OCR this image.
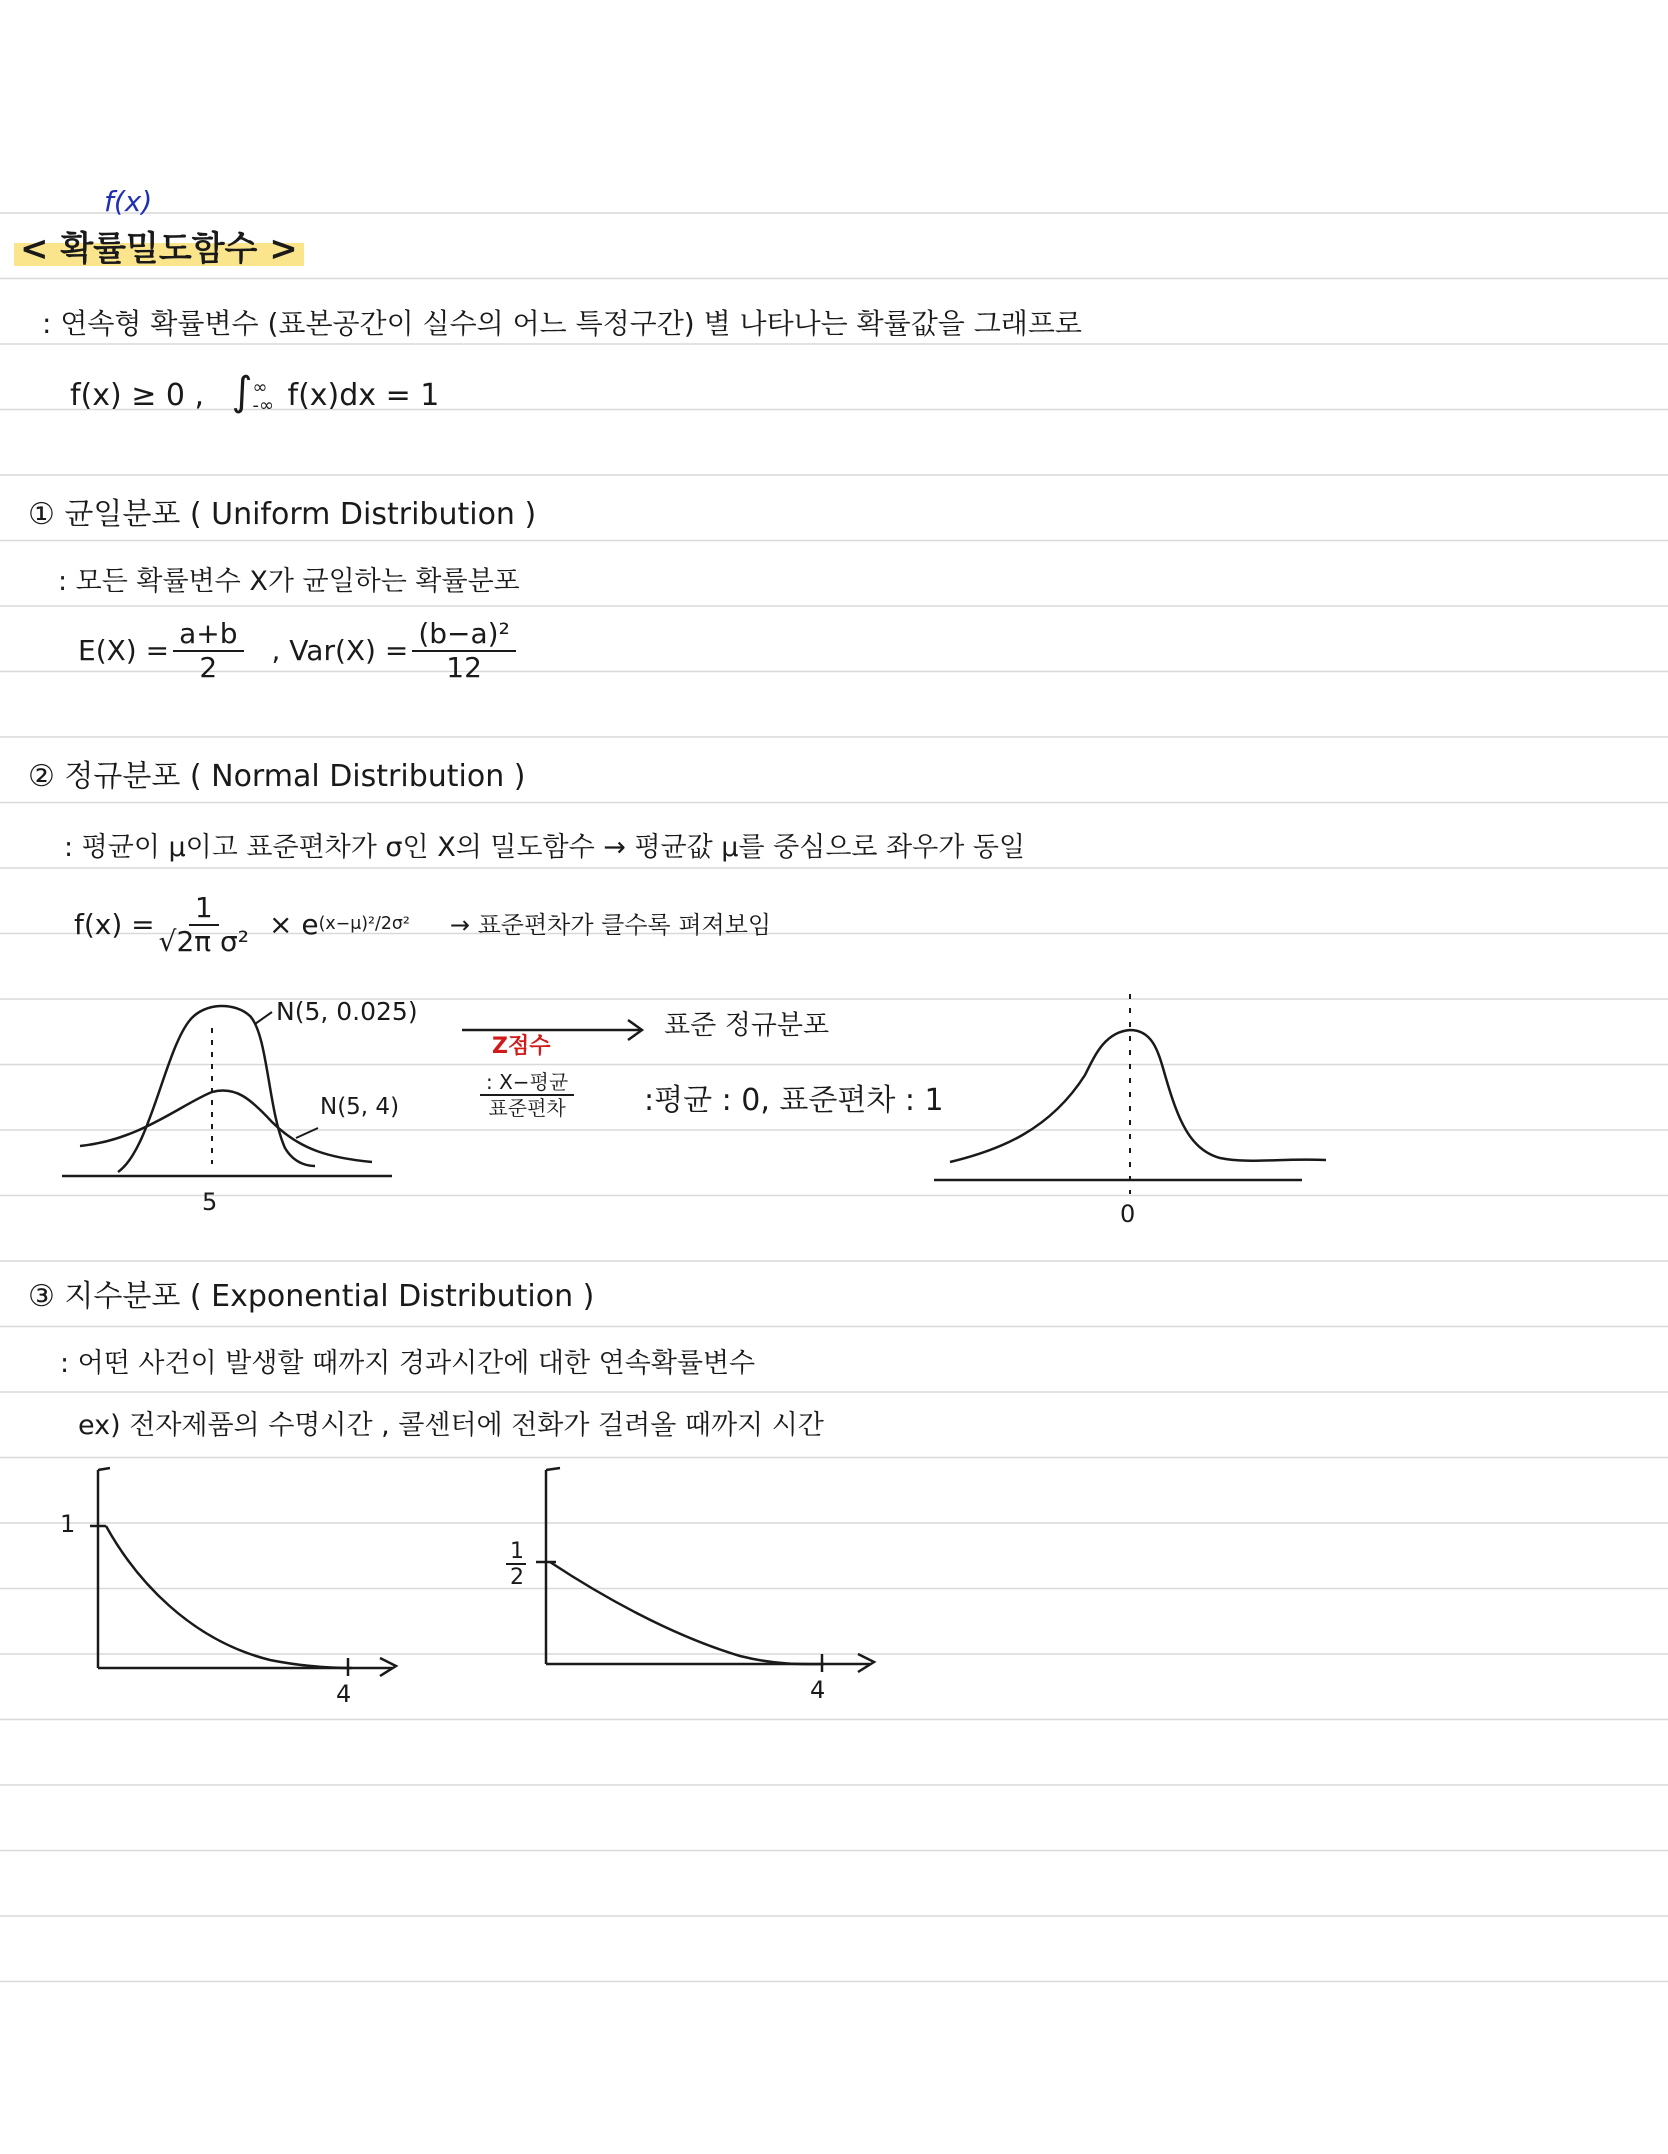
f(x)
< 확률밀도함수 >
: 연속형 확률변수 (표본공간이 실수의 어느 특정구간) 별 나타나는 확률값을 그래프로
f(x) ≥ 0 , ∫ ∞
-∞ f(x)dx = 1
① 균일분포 ( Uniform Distribution )
: 모든 확률변수 X가 균일하는 확률분포
$E(X) = \frac{a+b}{2}$ , $Var(X) = \frac{\text{(b−a)²}}{12}$
② 정규분포 ( Normal Distribution )
: 평균이 μ이고 표준편차가 σ인 X의 밀도함수 → 평균값 μ를 중심으로 좌우가 동일
$f(x) = \frac{1}{\text{√2π σ²}} \times e$ (x−μ)²/2σ² → 표준편차가 클수록 펴져보임
N(5, 0.025)
N(5, 4)
5
Z점수
$\frac{\text{: X−평균}}{\text{표준편차}}$
표준 정규분포
:평균 : 0, 표준편차 : 1
0
③ 지수분포 ( Exponential Distribution )
: 어떤 사건이 발생할 때까지 경과시간에 대한 연속확률변수
ex) 전자제품의 수명시간 , 콜센터에 전화가 걸려올 때까지 시간
1
4
1
2
4
